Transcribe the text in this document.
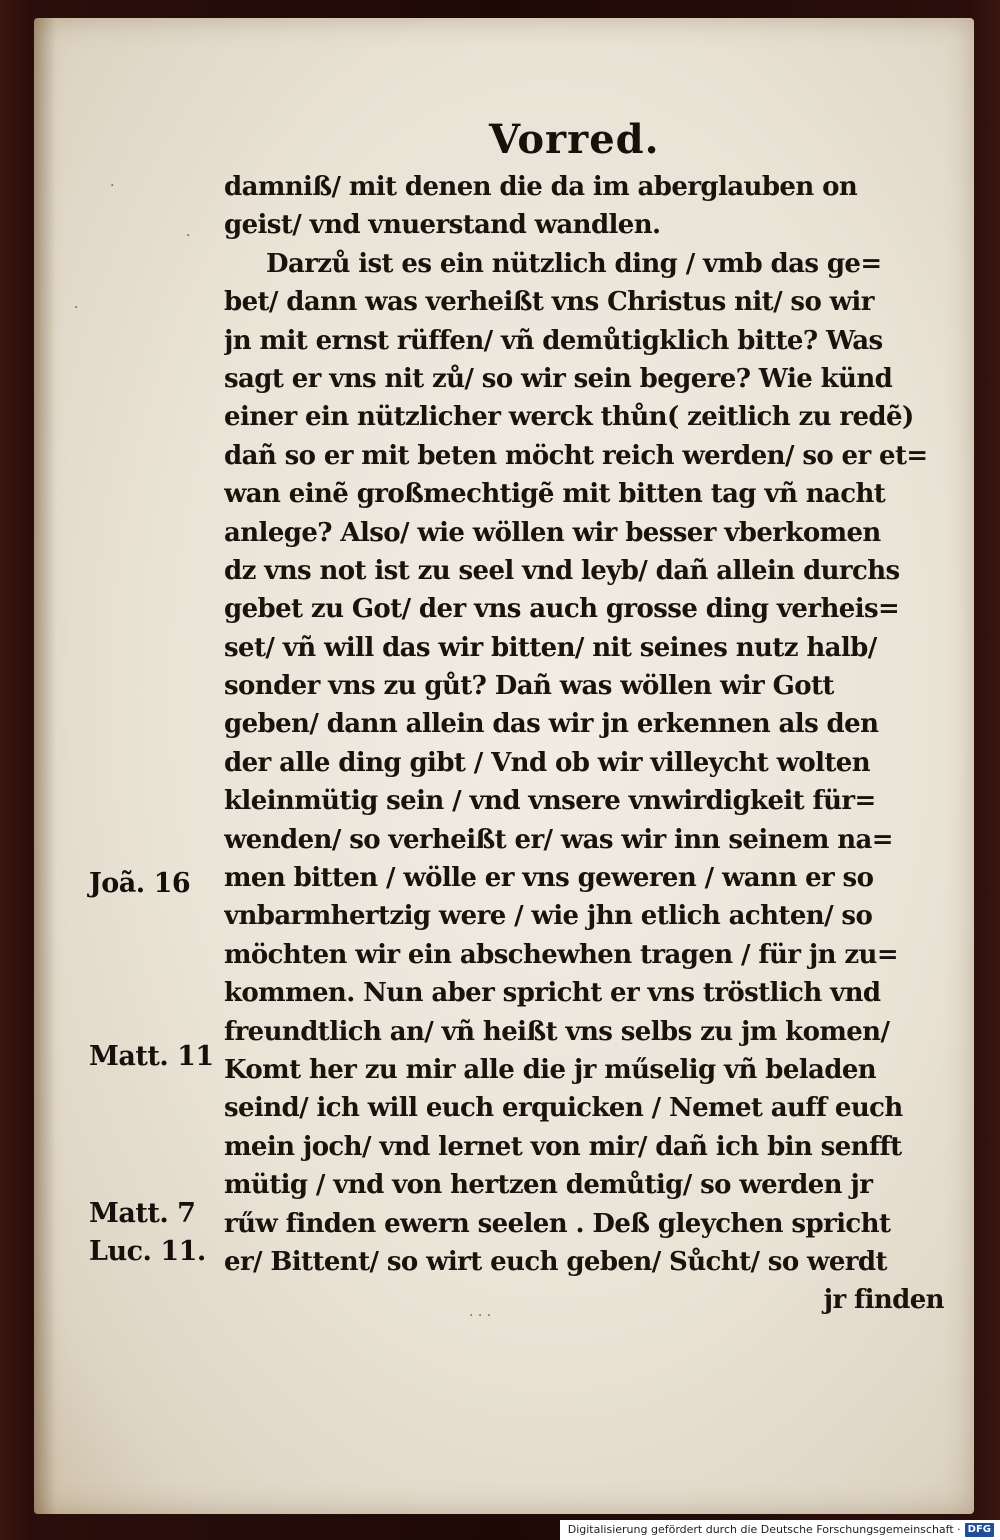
Vorred.
·
·
·
damniß/ mit denen die da im aberglauben on
geist/ vnd vnuerstand wandlen.
Darzů ist es ein nützlich ding / vmb das ge=
bet/ dann was verheißt vns Christus nit/ so wir
jn mit ernst rüffen/ vñ demůtigklich bitte? Was
sagt er vns nit zů/ so wir sein begere? Wie künd
einer ein nützlicher werck thůn( zeitlich zu redẽ)
dañ so er mit beten möcht reich werden/ so er et=
wan einẽ großmechtigẽ mit bitten tag vñ nacht
anlege? Also/ wie wöllen wir besser vberkomen
dz vns not ist zu seel vnd leyb/ dañ allein durchs
gebet zu Got/ der vns auch grosse ding verheis=
set/ vñ will das wir bitten/ nit seines nutz halb/
sonder vns zu gůt? Dañ was wöllen wir Gott
geben/ dann allein das wir jn erkennen als den
der alle ding gibt / Vnd ob wir villeycht wolten
kleinmütig sein / vnd vnsere vnwirdigkeit für=
wenden/ so verheißt er/ was wir inn seinem na=
men bitten / wölle er vns geweren / wann er so
vnbarmhertzig were / wie jhn etlich achten/ so
möchten wir ein abschewhen tragen / für jn zu=
kommen. Nun aber spricht er vns tröstlich vnd
freundtlich an/ vñ heißt vns selbs zu jm komen/
Komt her zu mir alle die jr műselig vñ beladen
seind/ ich will euch erquicken / Nemet auff euch
mein joch/ vnd lernet von mir/ dañ ich bin senfft
mütig / vnd von hertzen demůtig/ so werden jr
rűw finden ewern seelen . Deß gleychen spricht
er/ Bittent/ so wirt euch geben/ Sůcht/ so werdt
jr finden
Joã. 16
Matt. 11
Matt. 7
Luc. 11.
· · ·
Digitalisierung gefördert durch die Deutsche Forschungsgemeinschaft · DFG
